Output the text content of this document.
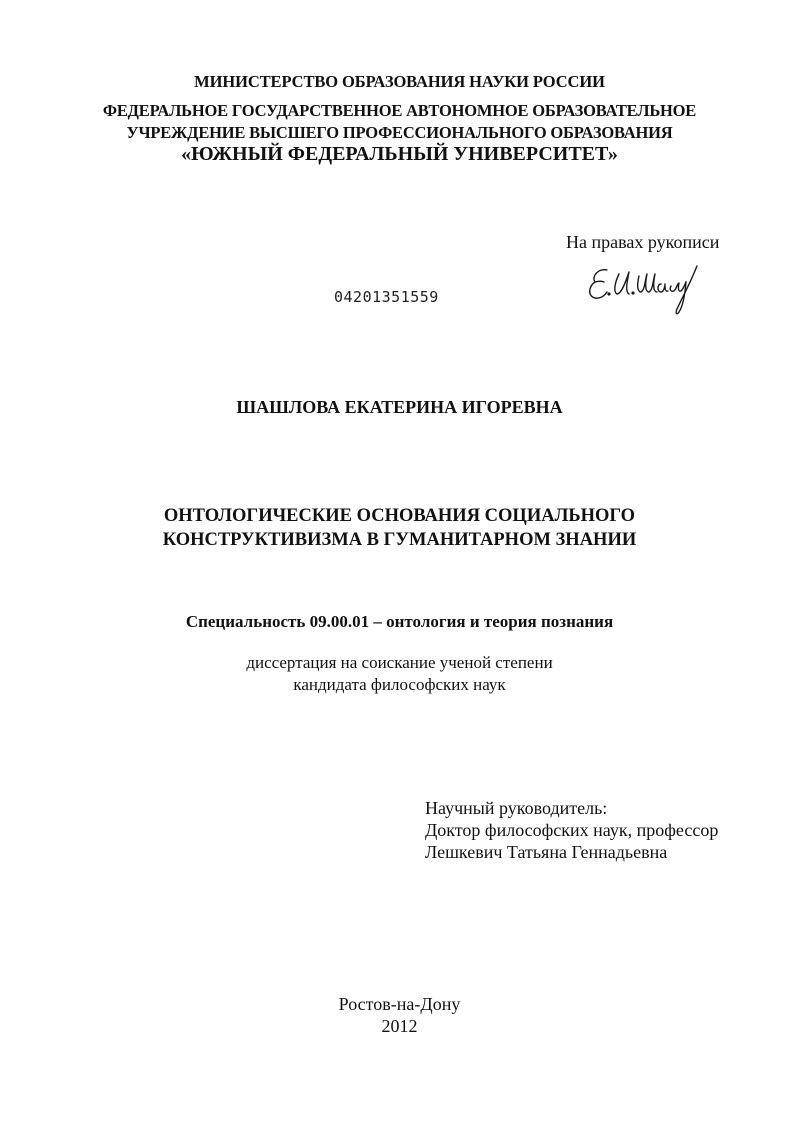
МИНИСТЕРСТВО ОБРАЗОВАНИЯ НАУКИ РОССИИ
ФЕДЕРАЛЬНОЕ ГОСУДАРСТВЕННОЕ АВТОНОМНОЕ ОБРАЗОВАТЕЛЬНОЕ
УЧРЕЖДЕНИЕ ВЫСШЕГО ПРОФЕССИОНАЛЬНОГО ОБРАЗОВАНИЯ
«ЮЖНЫЙ ФЕДЕРАЛЬНЫЙ УНИВЕРСИТЕТ»
На правах рукописи
04201351559
ШАШЛОВА ЕКАТЕРИНА ИГОРЕВНА
ОНТОЛОГИЧЕСКИЕ ОСНОВАНИЯ СОЦИАЛЬНОГО
КОНСТРУКТИВИЗМА В ГУМАНИТАРНОМ ЗНАНИИ
Специальность 09.00.01 – онтология и теория познания
диссертация на соискание ученой степени
кандидата философских наук
Научный руководитель:
Доктор философских наук, профессор
Лешкевич Татьяна Геннадьевна
Ростов-на-Дону
2012
